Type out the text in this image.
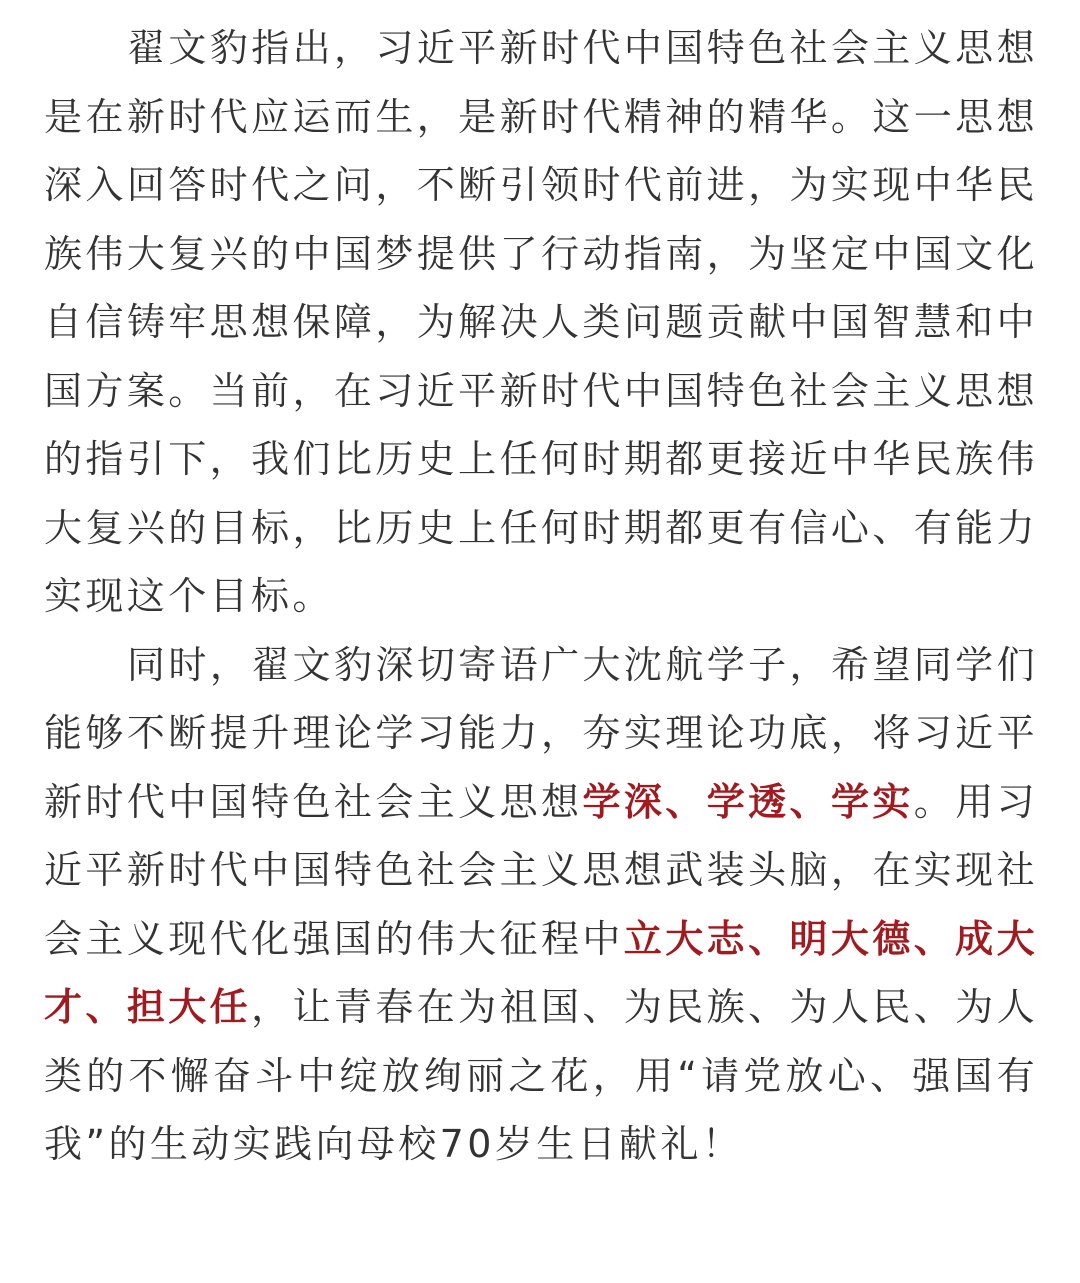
翟文豹指出，习近平新时代中国特色社会主义思想是在新时代应运而生，是新时代精神的精华。这一思想深入回答时代之问，不断引领时代前进，为实现中华民族伟大复兴的中国梦提供了行动指南，为坚定中国文化自信铸牢思想保障，为解决人类问题贡献中国智慧和中国方案。当前，在习近平新时代中国特色社会主义思想的指引下，我们比历史上任何时期都更接近中华民族伟大复兴的目标，比历史上任何时期都更有信心、有能力实现这个目标。

同时，翟文豹深切寄语广大沈航学子，希望同学们能够不断提升理论学习能力，夯实理论功底，将习近平新时代中国特色社会主义思想学深、学透、学实。用习近平新时代中国特色社会主义思想武装头脑，在实现社会主义现代化强国的伟大征程中立大志、明大德、成大才、担大任，让青春在为祖国、为民族、为人民、为人类的不懈奋斗中绽放绚丽之花，用“请党放心、强国有我”的生动实践向母校70岁生日献礼！
